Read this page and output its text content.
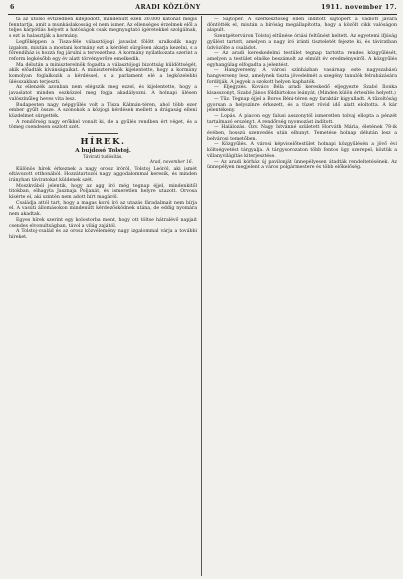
6	ARADI KÖZLÖNY	1911. november 17.

ta az utolsó évtizedben kifejlődött, mindenütt ezen 30.000 katonát mégis fenntartja, amit a munkáslakosság el nem ismer. Az ellenséges érzelmek elől a teljes kárpótlás helyett a hatóságok csak megnyugtató ígéretekkel szolgálnak, s ezt is halasztják a kormány.

Legfőképpen a Tisza-féle választójogi javaslat fölött uralkodik nagy izgalom, miután a mostani kormány ezt a kérdést sürgősen akarja kezelni, s a főrendiház is hozzá fog járulni a tervezethez. A kormány nyilatkozata szerint a reform legkésőbb egy év alatt törvényerőre emelkedik.

Ma délután a miniszterelnök fogadta a választójogi bizottság küldöttségét, akik előadták kívánságaikat. A miniszterelnök kijelentette, hogy a kormány komolyan foglalkozik a kérdéssel, s a parlament elé a legközelebbi ülésszakban terjeszti.

Az ellenzék azonban nem elégszik meg ezzel, és kijelentette, hogy a javaslatot minden eszközzel meg fogja akadályozni. A holnapi ülésen valószínűleg heves vita lesz.

Budapesten nagy népgyűlés volt a Tisza Kálmán-téren, ahol több ezer ember gyűlt össze. A szónokok a közjogi kérdések mellett a drágaság elleni küzdelmet sürgették.

A rendőrség nagy erőkkel vonult ki, de a gyűlés rendben ért véget, és a tömeg csendesen oszlott szét.

HÍREK.
A bujdosó Tolstoj.
Távirati tudósítás.
Arad, november 16.

Különös hírek érkeznek a nagy orosz íróról, Tolstoj Leóról, aki ismét eltávozott otthonából. Hozzátartozói nagy aggodalommal keresik, és minden irányban táviratokat küldenek szét.

Moszkvából jelentik, hogy az agg író még tegnap éjjel, mindenkitől titokban, elhagyta Jasznaja Poljanát, és ismeretlen helyre utazott. Orvosa kísérte el, aki szintén nem adott hírt magáról.

Családja attól tart, hogy a magas korú író az utazás fáradalmait nem bírja el. A vasúti állomásokon mindenütt kérdezősködnek utána, de eddig nyomára nem akadtak.

Egyes hírek szerint egy kolostorba ment, hogy ott töltse hátralévő napjait csendes elvonultságban, távol a világ zajától.

A Tolstoj-család és az orosz közvélemény nagy izgalommal várja a további híreket.

— Sajtóper. A szerkesztőség ellen indított sajtópert a vádlott javára döntötték el, miután a bíróság megállapította, hogy a közölt cikk valóságon alapult.

Szentpéterváron Tolstoj eltűnése óriási feltűnést keltett. Az egyetemi ifjúság gyűlést tartott, amelyen a nagy író iránti tiszteletét fejezte ki, és táviratban üdvözölte a családot.

— Az aradi kereskedelmi testület tegnap tartotta rendes közgyűlését, amelyen a testület elnöke beszámolt az elmúlt év eredményeiről. A közgyűlés egyhangúlag elfogadta a jelentést.

— Hangverseny. A városi színházban vasárnap este nagyszabású hangverseny lesz, amelynek tiszta jövedelmét a szegény tanulók felruházására fordítják. A jegyek a szokott helyen kaphatók.

— Eljegyzés. Kovács Béla aradi kereskedő eljegyezte Szabó Ilonka kisasszonyt, Szabó János földbirtokos leányát. (Minden külön értesítés helyett.)

— Tűz. Tegnap éjjel a Boros Béni-téren egy faraktár kigyulladt. A tűzoltóság gyorsan a helyszínre érkezett, és a tüzet rövid idő alatt eloltotta. A kár jelentékeny.

— Lopás. A piacon egy falusi asszonytól ismeretlen tolvaj ellopta a pénzét tartalmazó erszényt. A rendőrség nyomozást indított.

— Halálozás. Özv. Nagy Istvánné született Horváth Mária, életének 78-ik évében, hosszú szenvedés után elhunyt. Temetése holnap délután lesz a belvárosi temetőben.

— Közgyűlés. A városi képviselőtestület holnapi közgyűlésén a jövő évi költségvetést tárgyalja. A tárgysorozaton több fontos ügy szerepel, köztük a villanyvilágítás kiterjesztése.

— Az aradi kórház új pavilonját ünnepélyesen átadták rendeltetésének. Az ünnepélyen megjelent a város polgármestere és több előkelőség.
